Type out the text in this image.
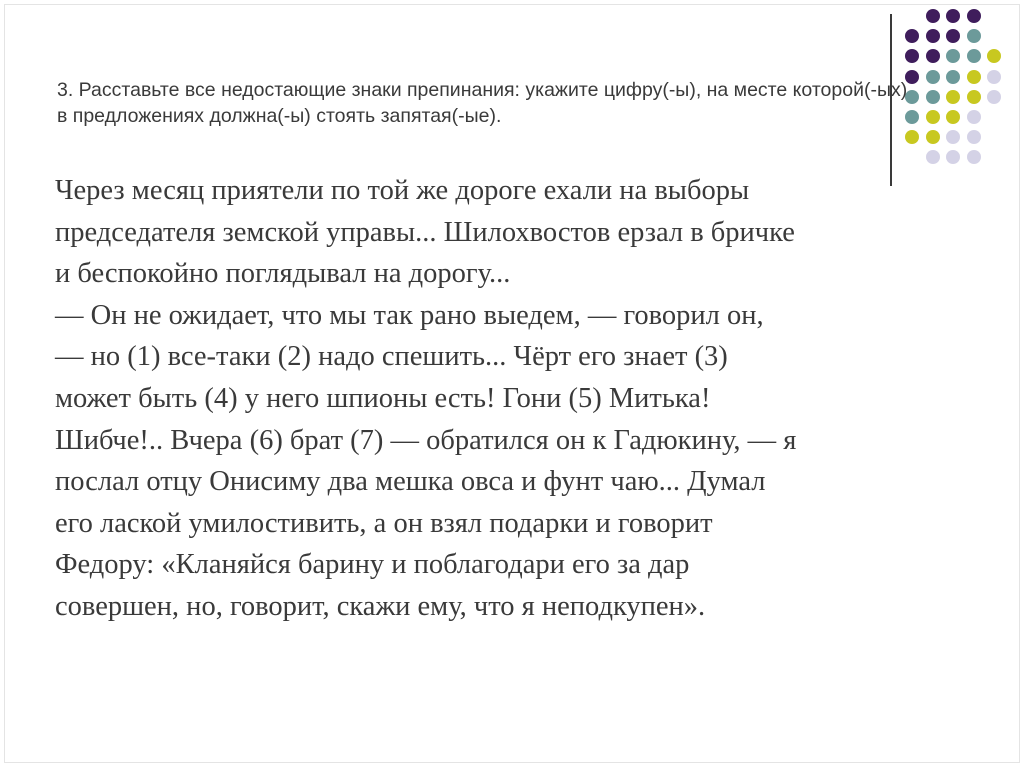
3. Расставьте все недостающие знаки препинания: укажите цифру(-ы), на месте которой(-ых) в предложениях должна(-ы) стоять запятая(-ые).

Через месяц приятели по той же дороге ехали на выборы
председателя земской управы... Шилохвостов ерзал в бричке
и беспокойно поглядывал на дорогу...
— Он не ожидает, что мы так рано выедем, — говорил он,
— но (1) все-таки (2) надо спешить... Чёрт его знает (3)
может быть (4) у него шпионы есть! Гони (5) Митька!
Шибче!.. Вчера (6) брат (7) — обратился он к Гадюкину, — я
послал отцу Онисиму два мешка овса и фунт чаю... Думал
его лаской умилостивить, а он взял подарки и говорит
Федору: «Кланяйся барину и поблагодари его за дар
совершен, но, говорит, скажи ему, что я неподкупен».
